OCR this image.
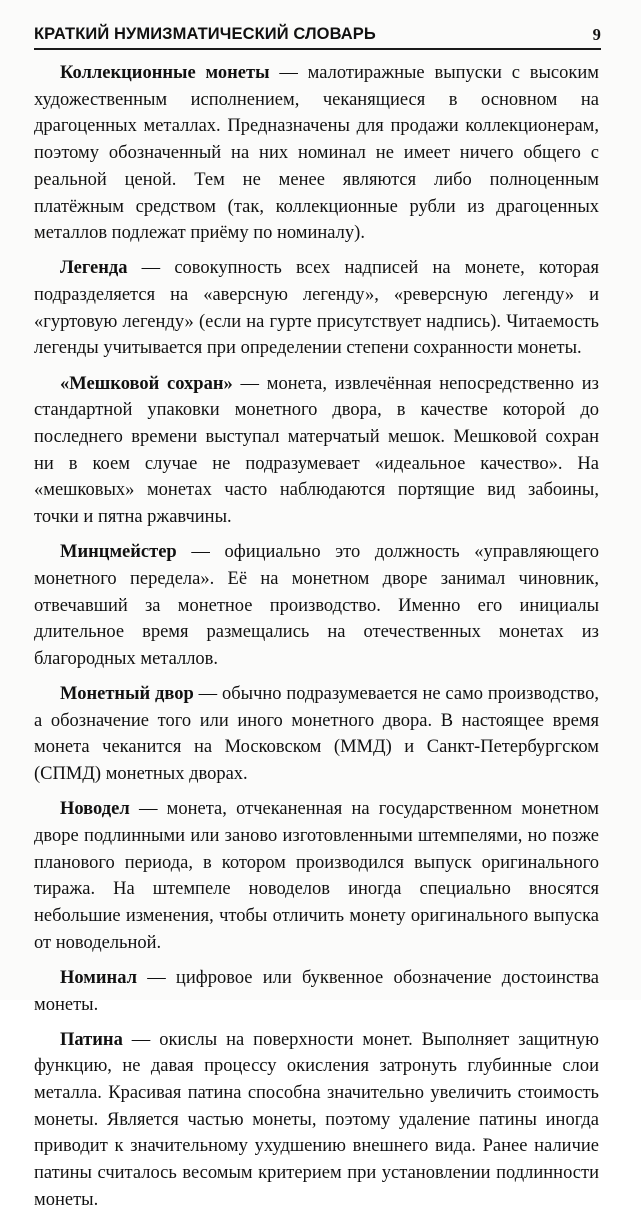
КРАТКИЙ НУМИЗМАТИЧЕСКИЙ СЛОВАРЬ	9

Коллекционные монеты — малотиражные выпуски с высоким художественным исполнением, чеканящиеся в основном на драгоценных металлах. Предназначены для продажи коллекционерам, поэтому обозначенный на них номинал не имеет ничего общего с реальной ценой. Тем не менее являются либо полноценным платёжным средством (так, коллекционные рубли из драгоценных металлов подлежат приёму по номиналу).

Легенда — совокупность всех надписей на монете, которая подразделяется на «аверсную легенду», «реверсную легенду» и «гуртовую легенду» (если на гурте присутствует надпись). Читаемость легенды учитывается при определении степени сохранности монеты.

«Мешковой сохран» — монета, извлечённая непосредственно из стандартной упаковки монетного двора, в качестве которой до последнего времени выступал матерчатый мешок. Мешковой сохран ни в коем случае не подразумевает «идеальное качество». На «мешковых» монетах часто наблюдаются портящие вид забоины, точки и пятна ржавчины.

Минцмейстер — официально это должность «управляющего монетного передела». Её на монетном дворе занимал чиновник, отвечавший за монетное производство. Именно его инициалы длительное время размещались на отечественных монетах из благородных металлов.

Монетный двор — обычно подразумевается не само производство, а обозначение того или иного монетного двора. В настоящее время монета чеканится на Московском (ММД) и Санкт-Петербургском (СПМД) монетных дворах.

Новодел — монета, отчеканенная на государственном монетном дворе подлинными или заново изготовленными штемпелями, но позже планового периода, в котором производился выпуск оригинального тиража. На штемпеле новоделов иногда специально вносятся небольшие изменения, чтобы отличить монету оригинального выпуска от новодельной.

Номинал — цифровое или буквенное обозначение достоинства монеты.

Патина — окислы на поверхности монет. Выполняет защитную функцию, не давая процессу окисления затронуть глубинные слои металла. Красивая патина способна значительно увеличить стоимость монеты. Является частью монеты, поэтому удаление патины иногда приводит к значительному ухудшению внешнего вида. Ранее наличие патины считалось весомым критерием при установлении подлинности монеты.
